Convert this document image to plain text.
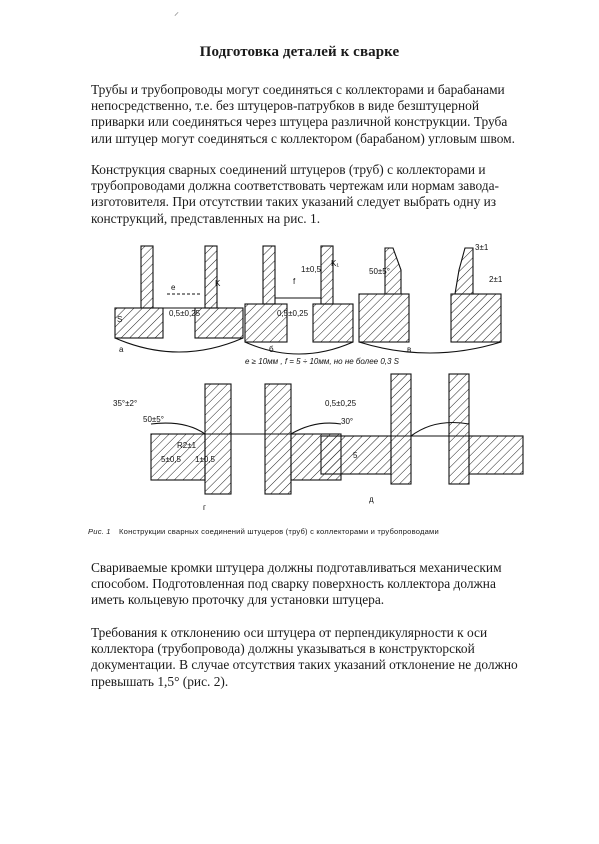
⸝
Подготовка деталей к сварке

Трубы и трубопроводы могут соединяться с коллекторами и барабанами непосредственно, т.е. без штуцеров-патрубков в виде безштуцерной приварки или соединяться через штуцера различной конструкции. Труба или штуцер могут соединяться с коллектором (барабаном) угловым швом.

Конструкция сварных соединений штуцеров (труб) с коллекторами и трубопроводами должна соответствовать чертежам или нормам завода-изготовителя. При отсутствии таких указаний следует выбрать одну из конструкций, представленных на рис. 1.

а	б	в
г
д
е
S
K
K₁
f
0,5±0,25	0,5±0,25
1±0,5
3±1
2±1
50±5°
35°±2°
50±5°
R2±1
5±0,5 1±0,5
0,5±0,25
5
30°
e ≥ 10мм , f = 5 ÷ 10мм, но не более 0,3 S
Рис. 1 Конструкции сварных соединений штуцеров (труб) с коллекторами и трубопроводами

Свариваемые кромки штуцера должны подготавливаться механическим способом. Подготовленная под сварку поверхность коллектора должна иметь кольцевую проточку для установки штуцера.

Требования к отклонению оси штуцера от перпендикулярности к оси коллектора (трубопровода) должны указываться в конструкторской документации. В случае отсутствия таких указаний отклонение не должно превышать 1,5° (рис. 2).
